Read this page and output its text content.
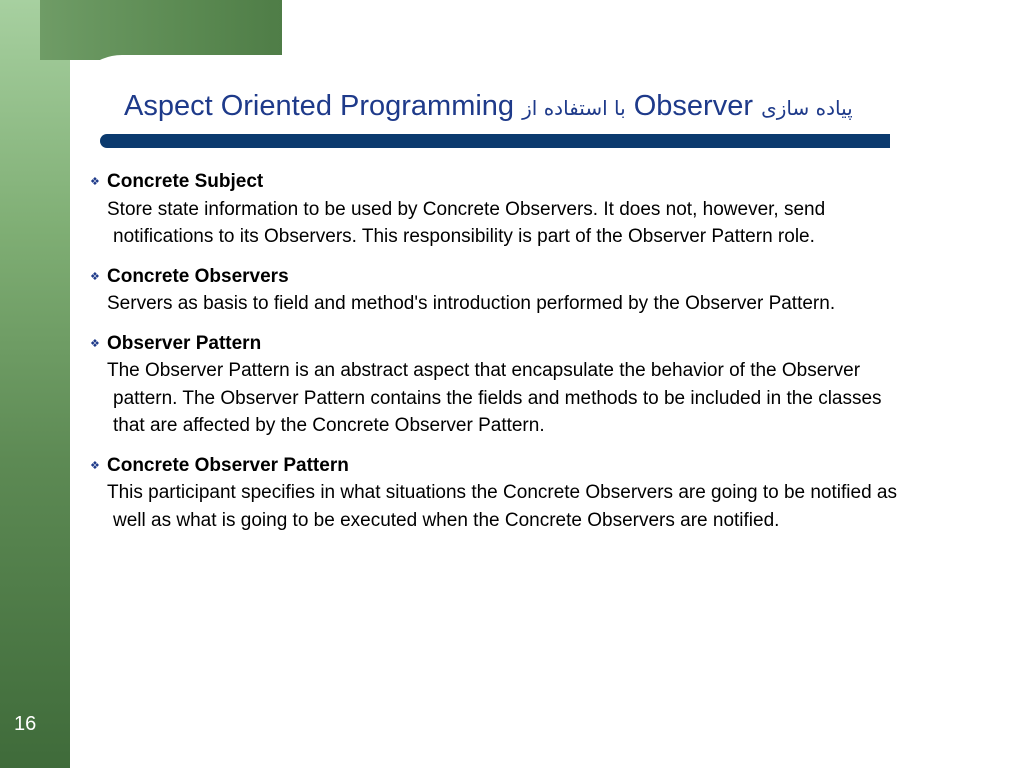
Aspect Oriented Programming با استفاده از Observer پیاده سازی
❖ Concrete Subject
Store state information to be used by Concrete Observers. It does not, however, send notifications to its Observers. This responsibility is part of the Observer Pattern role.
❖ Concrete Observers
Servers as basis to field and method's introduction performed by the Observer Pattern.
❖ Observer Pattern
The Observer Pattern is an abstract aspect that encapsulate the behavior of the Observer pattern. The Observer Pattern contains the fields and methods to be included in the classes that are affected by the Concrete Observer Pattern.
❖ Concrete Observer Pattern
This participant specifies in what situations the Concrete Observers are going to be notified as well as what is going to be executed when the Concrete Observers are notified.
16
